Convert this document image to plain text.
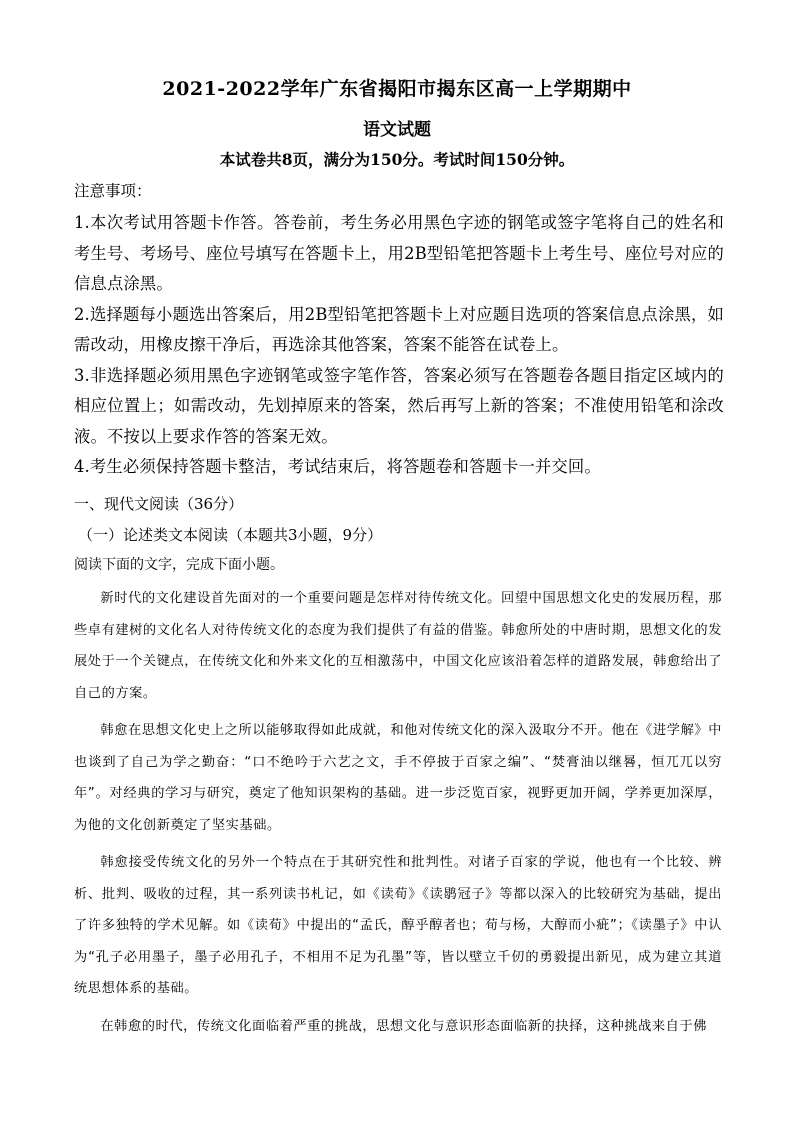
2021-2022学年广东省揭阳市揭东区高一上学期期中
语文试题
本试卷共8页，满分为150分。考试时间150分钟。
注意事项：
1.本次考试用答题卡作答。答卷前，考生务必用黑色字迹的钢笔或签字笔将自己的姓名和考生号、考场号、座位号填写在答题卡上，用2B型铅笔把答题卡上考生号、座位号对应的信息点涂黑。
2.选择题每小题选出答案后，用2B型铅笔把答题卡上对应题目选项的答案信息点涂黑，如需改动，用橡皮擦干净后，再选涂其他答案，答案不能答在试卷上。
3.非选择题必须用黑色字迹钢笔或签字笔作答，答案必须写在答题卷各题目指定区域内的相应位置上；如需改动，先划掉原来的答案，然后再写上新的答案；不准使用铅笔和涂改液。不按以上要求作答的答案无效。
4.考生必须保持答题卡整洁，考试结束后，将答题卷和答题卡一并交回。
一、现代文阅读（36分）
（一）论述类文本阅读（本题共3小题，9分）
阅读下面的文字，完成下面小题。

新时代的文化建设首先面对的一个重要问题是怎样对待传统文化。回望中国思想文化史的发展历程，那些卓有建树的文化名人对待传统文化的态度为我们提供了有益的借鉴。韩愈所处的中唐时期，思想文化的发展处于一个关键点，在传统文化和外来文化的互相激荡中，中国文化应该沿着怎样的道路发展，韩愈给出了自己的方案。

韩愈在思想文化史上之所以能够取得如此成就，和他对传统文化的深入汲取分不开。他在《进学解》中也谈到了自己为学之勤奋：“口不绝吟于六艺之文，手不停披于百家之编”、“焚膏油以继晷，恒兀兀以穷年”。对经典的学习与研究，奠定了他知识架构的基础。进一步泛览百家，视野更加开阔，学养更加深厚，为他的文化创新奠定了坚实基础。

韩愈接受传统文化的另外一个特点在于其研究性和批判性。对诸子百家的学说，他也有一个比较、辨析、批判、吸收的过程，其一系列读书札记，如《读荀》《读鹖冠子》等都以深入的比较研究为基础，提出了许多独特的学术见解。如《读荀》中提出的“孟氏，醇乎醇者也；荀与杨，大醇而小疵”；《读墨子》中认为“孔子必用墨子，墨子必用孔子，不相用不足为孔墨”等，皆以壁立千仞的勇毅提出新见，成为建立其道统思想体系的基础。

在韩愈的时代，传统文化面临着严重的挑战，思想文化与意识形态面临新的抉择，这种挑战来自于佛
